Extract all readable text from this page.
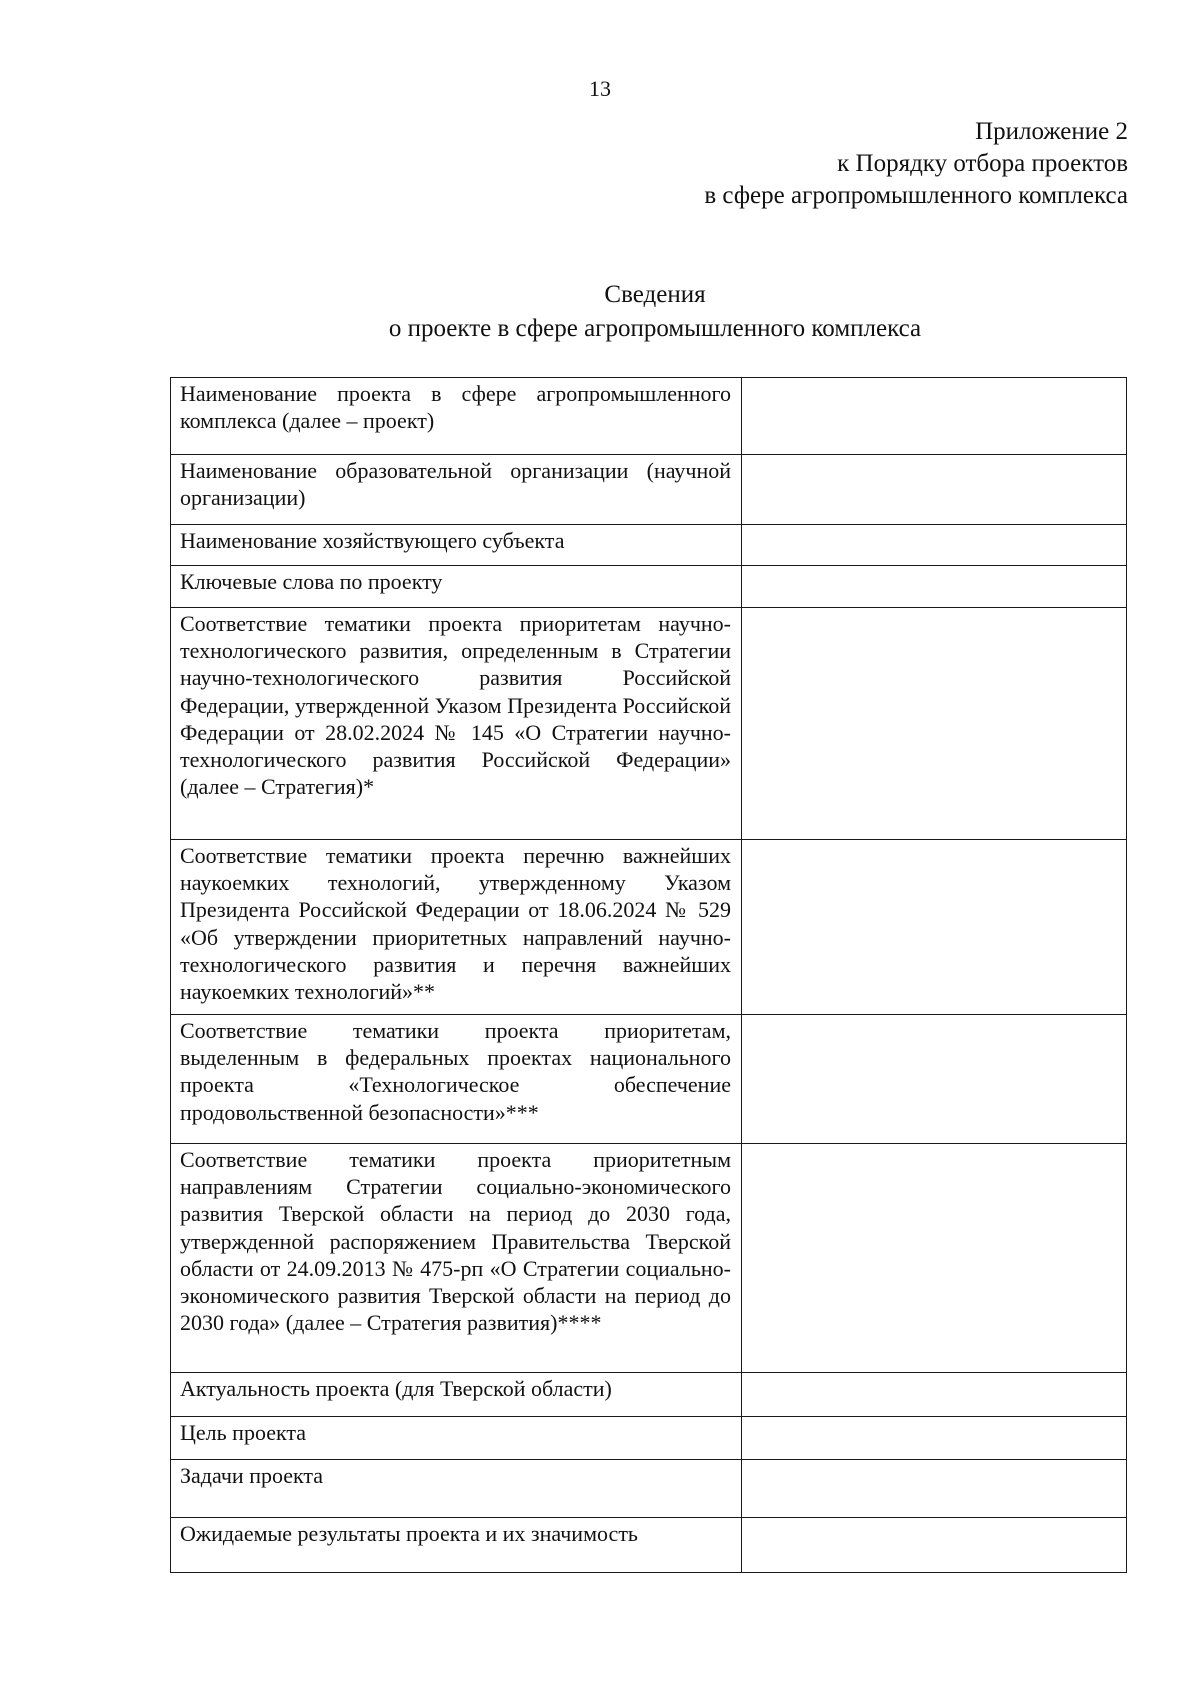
13
Приложение 2
к Порядку отбора проектов
в сфере агропромышленного комплекса
Сведения
о проекте в сфере агропромышленного комплекса
Наименование проекта в сфере агропромышленного комплекса (далее – проект)	
Наименование образовательной организации (научной организации)	
Наименование хозяйствующего субъекта	
Ключевые слова по проекту	
Соответствие тематики проекта приоритетам научно-технологического развития, определенным в Стратегии научно-технологического развития Российской Федерации, утвержденной Указом Президента Российской Федерации от 28.02.2024 № 145 «О Стратегии научно-технологического развития Российской Федерации» (далее – Стратегия)*	
Соответствие тематики проекта перечню важнейших наукоемких технологий, утвержденному Указом Президента Российской Федерации от 18.06.2024 № 529 «Об утверждении приоритетных направлений научно-технологического развития и перечня важнейших наукоемких технологий»**	
Соответствие тематики проекта приоритетам, выделенным в федеральных проектах национального проекта «Технологическое обеспечение продовольственной безопасности»***	
Соответствие тематики проекта приоритетным направлениям Стратегии социально-экономического развития Тверской области на период до 2030 года, утвержденной распоряжением Правительства Тверской области от 24.09.2013 № 475-рп «О Стратегии социально-экономического развития Тверской области на период до 2030 года» (далее – Стратегия развития)****	
Актуальность проекта (для Тверской области)	
Цель проекта	
Задачи проекта	
Ожидаемые результаты проекта и их значимость	
